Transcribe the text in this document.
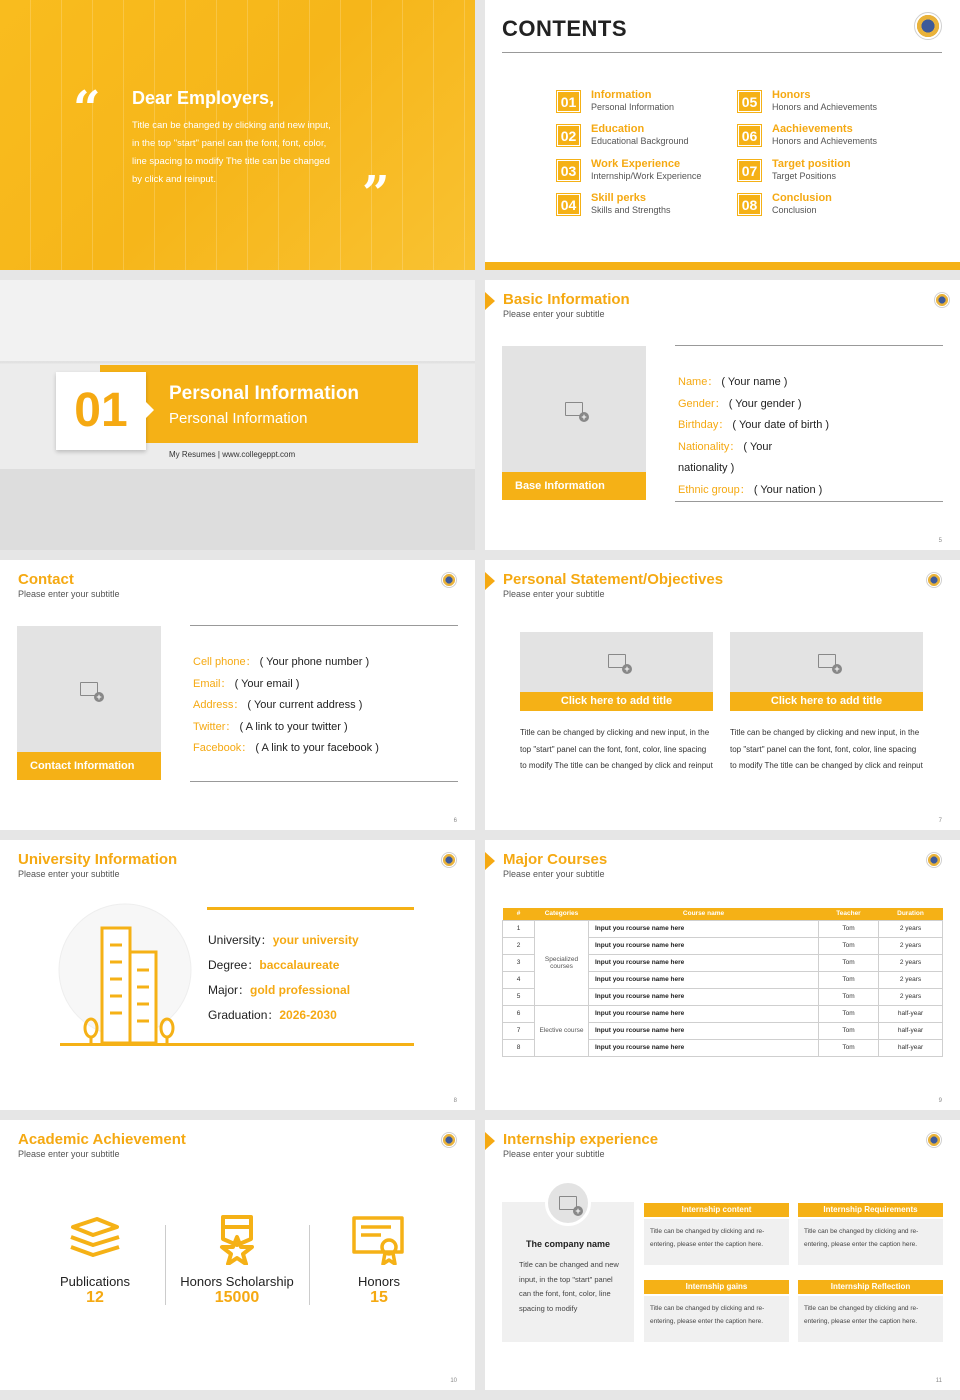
“ Dear Employers,
Title can be changed by clicking and new input, in the top "start" panel can the font, font, color, line spacing to modify The title can be changed by click and reinput.	”
CONTENTS
01	Information
Personal Information
02	Education
Educational Background
03	Work Experience
Internship/Work Experience
04	Skill perks
Skills and Strengths
05	Honors
Honors and Achievements
06	Aachievements
Honors and Achievements
07	Target position
Target Positions
08	Conclusion
Conclusion
01	Personal Information
Personal Information
My Resumes | www.collegeppt.com
Basic Information
Please enter your subtitle
+
Base Information
Name： ( Your name )
Gender： ( Your gender )
Birthday： ( Your date of birth )
Nationality： ( Your
nationality )
Ethnic group： ( Your nation )
5
Contact
Please enter your subtitle
+
Contact Information
Cell phone： ( Your phone number )
Email： ( Your email )
Address： ( Your current address )
Twitter： ( A link to your twitter )
Facebook： ( A link to your facebook )
6
Personal Statement/Objectives
Please enter your subtitle
+
Click here to add title
Title can be changed by clicking and new input, in the top "start" panel can the font, font, color, line spacing to modify The title can be changed by click and reinput
+
Click here to add title
Title can be changed by clicking and new input, in the top "start" panel can the font, font, color, line spacing to modify The title can be changed by click and reinput
7
University Information
Please enter your subtitle
University：your university
Degree：baccalaureate
Major：gold professional
Graduation：2026-2030
8
Major Courses
Please enter your subtitle
#	Categories	Course name	Teacher	Duration
1	Specialized courses	Input you rcourse name here	Tom	2 years
2		Input you rcourse name here	Tom	2 years
3		Input you rcourse name here	Tom	2 years
4		Input you rcourse name here	Tom	2 years
5		Input you rcourse name here	Tom	2 years
6	Elective course	Input you rcourse name here	Tom	half-year
7		Input you rcourse name here	Tom	half-year
8		Input you rcourse name here	Tom	half-year
9
Academic Achievement
Please enter your subtitle
Publications
12
Honors Scholarship
15000
Honors
15
10
Internship experience
Please enter your subtitle
+
The company name
Title can be changed and new input, in the top "start" panel can the font, font, color, line spacing to modify
Internship content
Title can be changed by clicking and re-entering, please enter the caption here.
Internship Requirements
Title can be changed by clicking and re-entering, please enter the caption here.
Internship gains
Title can be changed by clicking and re-entering, please enter the caption here.
Internship Reflection
Title can be changed by clicking and re-entering, please enter the caption here.
11
